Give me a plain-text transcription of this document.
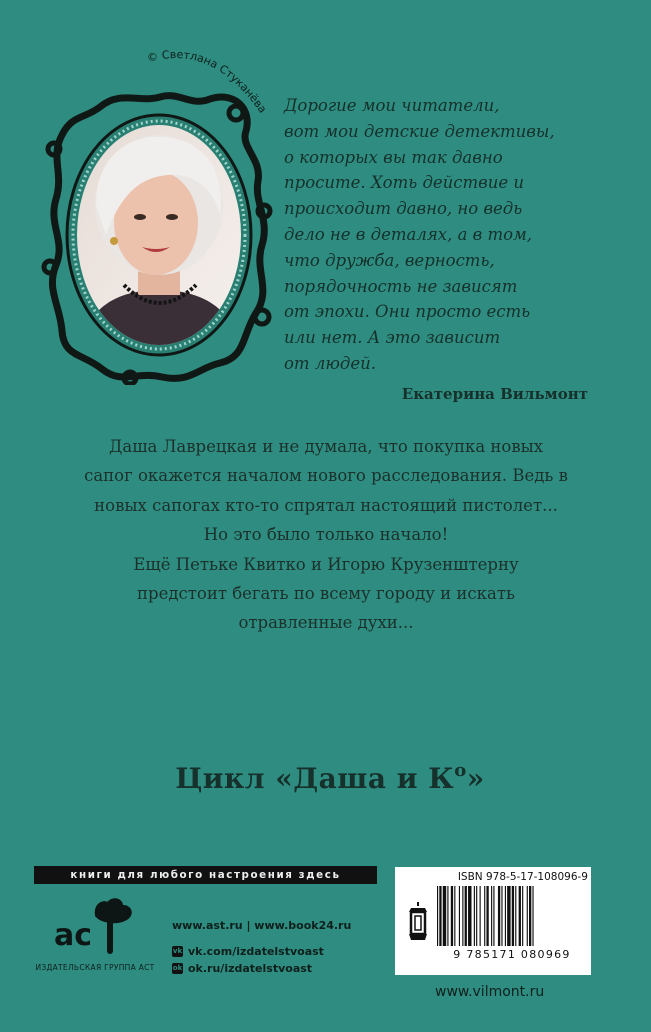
© Светлана Стуканёва Дорогие мои читатели,
вот мои детские детективы,
о которых вы так давно
просите. Хоть действие и
происходит давно, но ведь
дело не в деталях, а в том,
что дружба, верность,
порядочность не зависят
от эпохи. Они просто есть
или нет. А это зависит
от людей.
Екатерина Вильмонт
Даша Лаврецкая и не думала, что покупка новых
сапог окажется началом нового расследования. Ведь в
новых сапогах кто-то спрятал настоящий пистолет...
Но это было только начало!
Ещё Петьке Квитко и Игорю Крузенштерну
предстоит бегать по всему городу и искать
отравленные духи...
Цикл «Даша и $К^о$»
книги для любого настроения здесь
ac
ИЗДАТЕЛЬСКАЯ ГРУППА АСТ
www.ast.ru | www.book24.ru
vk vk.com/izdatelstvoast
ok ok.ru/izdatelstvoast
ISBN 978-5-17-108096-9
9 785171 080969
www.vilmont.ru
